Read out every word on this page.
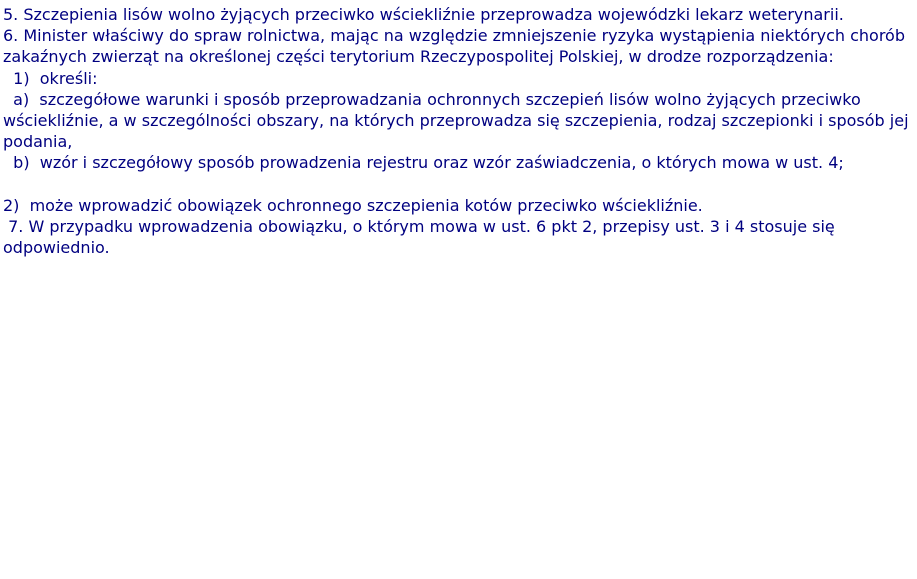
5. Szczepienia lisów wolno żyjących przeciwko wściekliźnie przeprowadza wojewódzki lekarz weterynarii.

6. Minister właściwy do spraw rolnictwa, mając na względzie zmniejszenie ryzyka wystąpienia niektórych chorób zakaźnych zwierząt na określonej części terytorium Rzeczypospolitej Polskiej, w drodze rozporządzenia:

1)  określi:

a)  szczegółowe warunki i sposób przeprowadzania ochronnych szczepień lisów wolno żyjących przeciwko wściekliźnie, a w szczególności obszary, na których przeprowadza się szczepienia, rodzaj szczepionki i sposób jej podania,

b)  wzór i szczegółowy sposób prowadzenia rejestru oraz wzór zaświadczenia, o których mowa w ust. 4;

2)  może wprowadzić obowiązek ochronnego szczepienia kotów przeciwko wściekliźnie.

7. W przypadku wprowadzenia obowiązku, o którym mowa w ust. 6 pkt 2, przepisy ust. 3 i 4 stosuje się odpowiednio.
